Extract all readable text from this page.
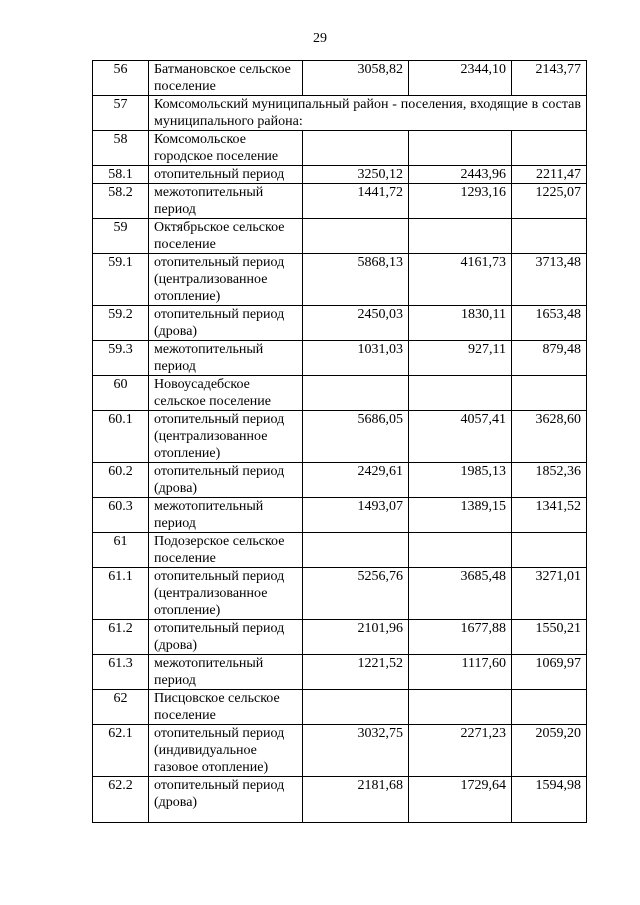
29
56	Батмановское сельское поселение	3058,82	2344,10	2143,77
57	Комсомольский муниципальный район - поселения, входящие в состав муниципального района:			
58	Комсомольское городское поселение			
58.1	отопительный период	3250,12	2443,96	2211,47
58.2	межотопительный период	1441,72	1293,16	1225,07
59	Октябрьское сельское поселение			
59.1	отопительный период (централизованное отопление)	5868,13	4161,73	3713,48
59.2	отопительный период (дрова)	2450,03	1830,11	1653,48
59.3	межотопительный период	1031,03	927,11	879,48
60	Новоусадебское сельское поселение			
60.1	отопительный период (централизованное отопление)	5686,05	4057,41	3628,60
60.2	отопительный период (дрова)	2429,61	1985,13	1852,36
60.3	межотопительный период	1493,07	1389,15	1341,52
61	Подозерское сельское поселение			
61.1	отопительный период (централизованное отопление)	5256,76	3685,48	3271,01
61.2	отопительный период (дрова)	2101,96	1677,88	1550,21
61.3	межотопительный период	1221,52	1117,60	1069,97
62	Писцовское сельское поселение			
62.1	отопительный период (индивидуальное газовое отопление)	3032,75	2271,23	2059,20
62.2	отопительный период (дрова)	2181,68	1729,64	1594,98
